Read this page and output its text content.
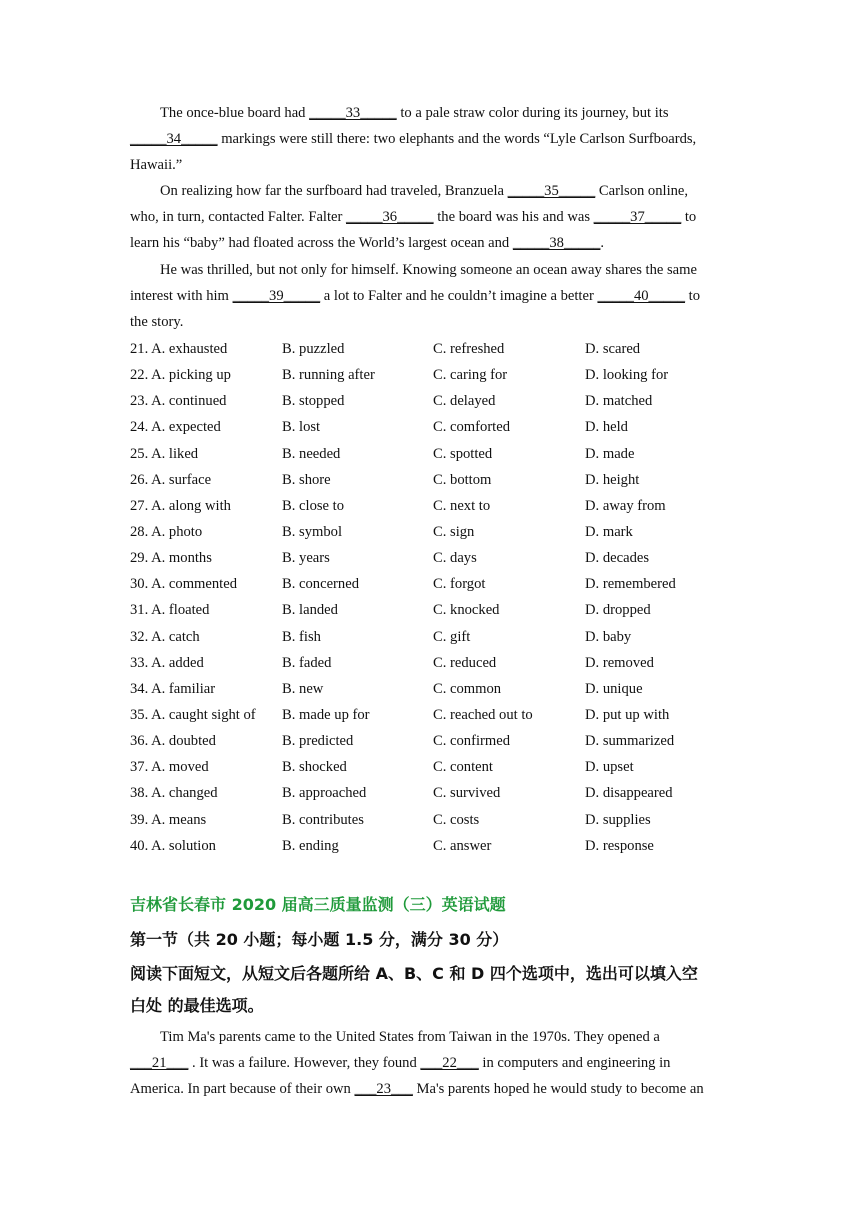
The once-blue board had _____33_____ to a pale straw color during its journey, but its
_____34_____ markings were still there: two elephants and the words “Lyle Carlson Surfboards,
Hawaii.”
On realizing how far the surfboard had traveled, Branzuela _____35_____ Carlson online,
who, in turn, contacted Falter. Falter _____36_____ the board was his and was _____37_____ to
learn his “baby” had floated across the World’s largest ocean and _____38_____.
He was thrilled, but not only for himself. Knowing someone an ocean away shares the same
interest with him _____39_____ a lot to Falter and he couldn’t imagine a better _____40_____ to
the story.
21. A. exhausted	B. puzzled	C. refreshed	D. scared
22. A. picking up	B. running after	C. caring for	D. looking for
23. A. continued	B. stopped	C. delayed	D. matched
24. A. expected	B. lost	C. comforted	D. held
25. A. liked	B. needed	C. spotted	D. made
26. A. surface	B. shore	C. bottom	D. height
27. A. along with	B. close to	C. next to	D. away from
28. A. photo	B. symbol	C. sign	D. mark
29. A. months	B. years	C. days	D. decades
30. A. commented	B. concerned	C. forgot	D. remembered
31. A. floated	B. landed	C. knocked	D. dropped
32. A. catch	B. fish	C. gift	D. baby
33. A. added	B. faded	C. reduced	D. removed
34. A. familiar	B. new	C. common	D. unique
35. A. caught sight of B. made up for	C. reached out to	D. put up with
36. A. doubted	B. predicted	C. confirmed	D. summarized
37. A. moved	B. shocked	C. content	D. upset
38. A. changed	B. approached	C. survived	D. disappeared
39. A. means	B. contributes	C. costs	D. supplies
40. A. solution	B. ending	C. answer	D. response
吉林省长春市 2020 届高三质量监测（三）英语试题
第一节（共 20 小题；每小题 1.5 分，满分 30 分）
阅读下面短文，从短文后各题所给 A、B、C 和 D 四个选项中，选出可以填入空
白处 的最佳选项。
Tim Ma's parents came to the United States from Taiwan in the 1970s. They opened a
___21___ . It was a failure. However, they found ___22___ in computers and engineering in
America. In part because of their own ___23___ Ma's parents hoped he would study to become an
